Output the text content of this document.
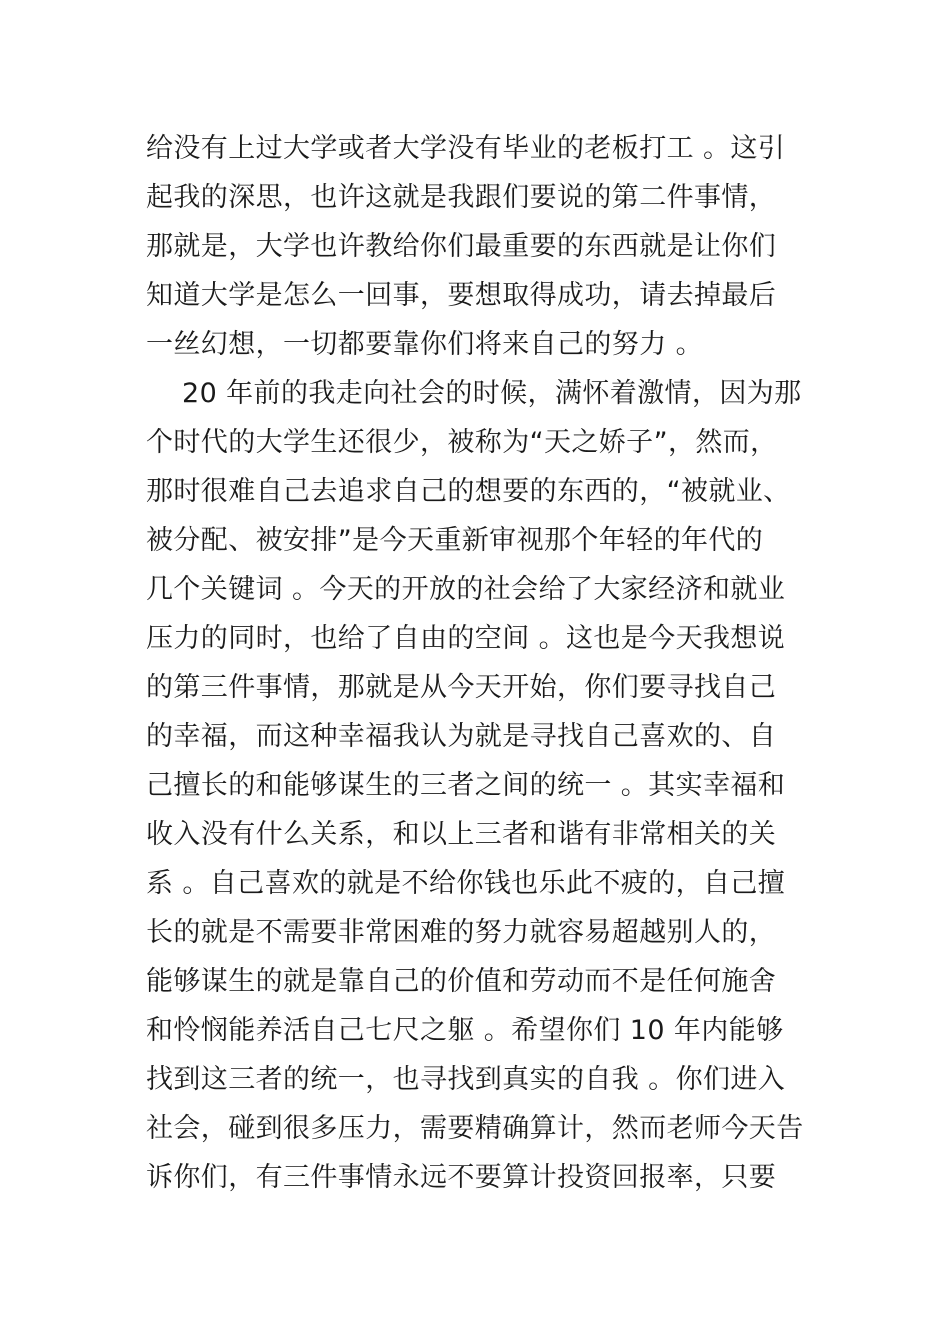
给没有上过大学或者大学没有毕业的老板打工 。这引
起我的深思，也许这就是我跟们要说的第二件事情，
那就是，大学也许教给你们最重要的东西就是让你们
知道大学是怎么一回事，要想取得成功，请去掉最后
一丝幻想，一切都要靠你们将来自己的努力 。
20 年前的我走向社会的时候，满怀着激情，因为那
个时代的大学生还很少，被称为“天之娇子”，然而，
那时很难自己去追求自己的想要的东西的，“被就业、
被分配、被安排”是今天重新审视那个年轻的年代的
几个关键词 。今天的开放的社会给了大家经济和就业
压力的同时，也给了自由的空间 。这也是今天我想说
的第三件事情，那就是从今天开始，你们要寻找自己
的幸福，而这种幸福我认为就是寻找自己喜欢的、自
己擅长的和能够谋生的三者之间的统一 。其实幸福和
收入没有什么关系，和以上三者和谐有非常相关的关
系 。自己喜欢的就是不给你钱也乐此不疲的，自己擅
长的就是不需要非常困难的努力就容易超越别人的，
能够谋生的就是靠自己的价值和劳动而不是任何施舍
和怜悯能养活自己七尺之躯 。希望你们 10 年内能够
找到这三者的统一，也寻找到真实的自我 。你们进入
社会，碰到很多压力，需要精确算计，然而老师今天告
诉你们，有三件事情永远不要算计投资回报率，只要
